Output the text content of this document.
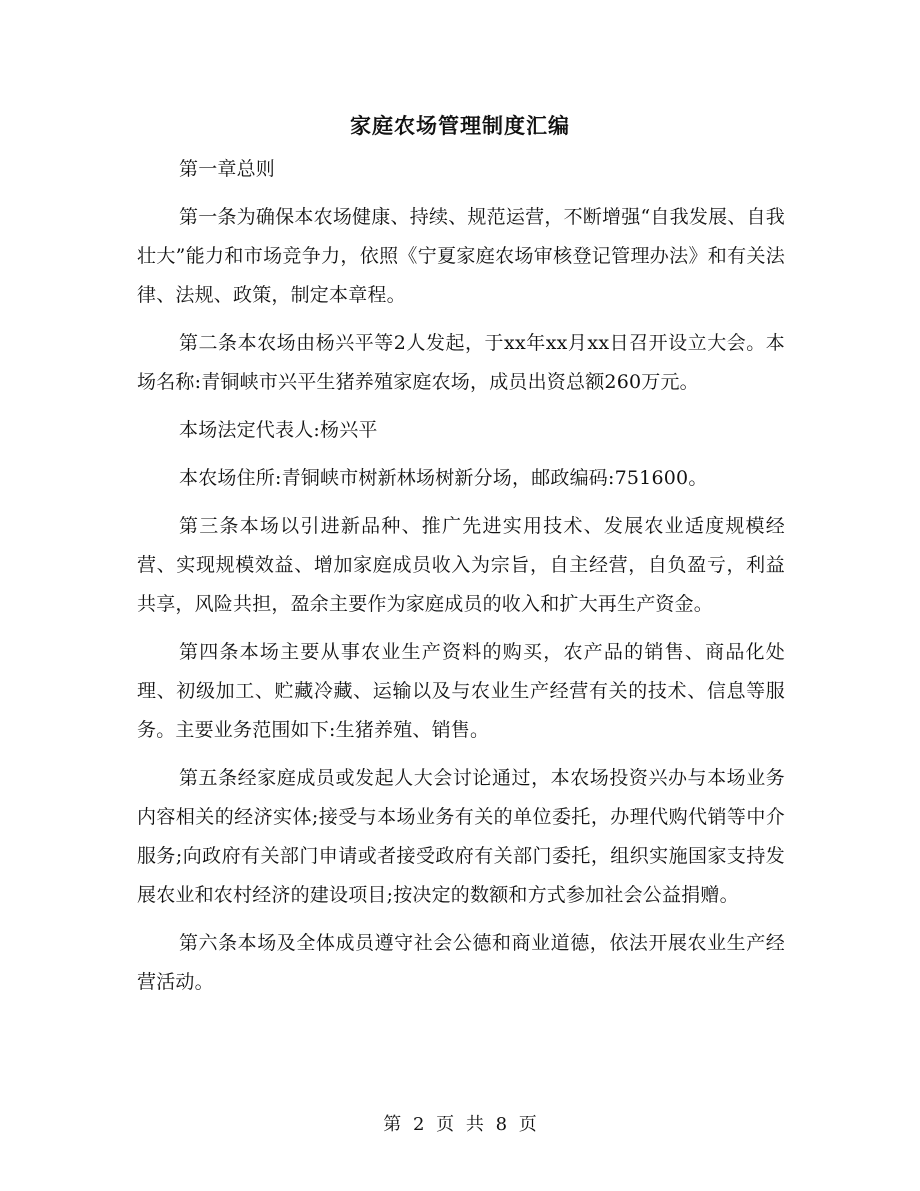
家庭农场管理制度汇编

第一章总则

第一条为确保本农场健康、持续、规范运营，不断增强“自我发展、自我壮大”能力和市场竞争力，依照《宁夏家庭农场审核登记管理办法》和有关法律、法规、政策，制定本章程。

第二条本农场由杨兴平等2人发起，于xx年xx月xx日召开设立大会。本场名称:青铜峡市兴平生猪养殖家庭农场，成员出资总额260万元。

本场法定代表人:杨兴平

本农场住所:青铜峡市树新林场树新分场，邮政编码:751600。

第三条本场以引进新品种、推广先进实用技术、发展农业适度规模经营、实现规模效益、增加家庭成员收入为宗旨，自主经营，自负盈亏，利益共享，风险共担，盈余主要作为家庭成员的收入和扩大再生产资金。

第四条本场主要从事农业生产资料的购买，农产品的销售、商品化处理、初级加工、贮藏冷藏、运输以及与农业生产经营有关的技术、信息等服务。主要业务范围如下:生猪养殖、销售。

第五条经家庭成员或发起人大会讨论通过，本农场投资兴办与本场业务内容相关的经济实体;接受与本场业务有关的单位委托，办理代购代销等中介服务;向政府有关部门申请或者接受政府有关部门委托，组织实施国家支持发展农业和农村经济的建设项目;按决定的数额和方式参加社会公益捐赠。

第六条本场及全体成员遵守社会公德和商业道德，依法开展农业生产经营活动。

第 2 页 共 8 页
